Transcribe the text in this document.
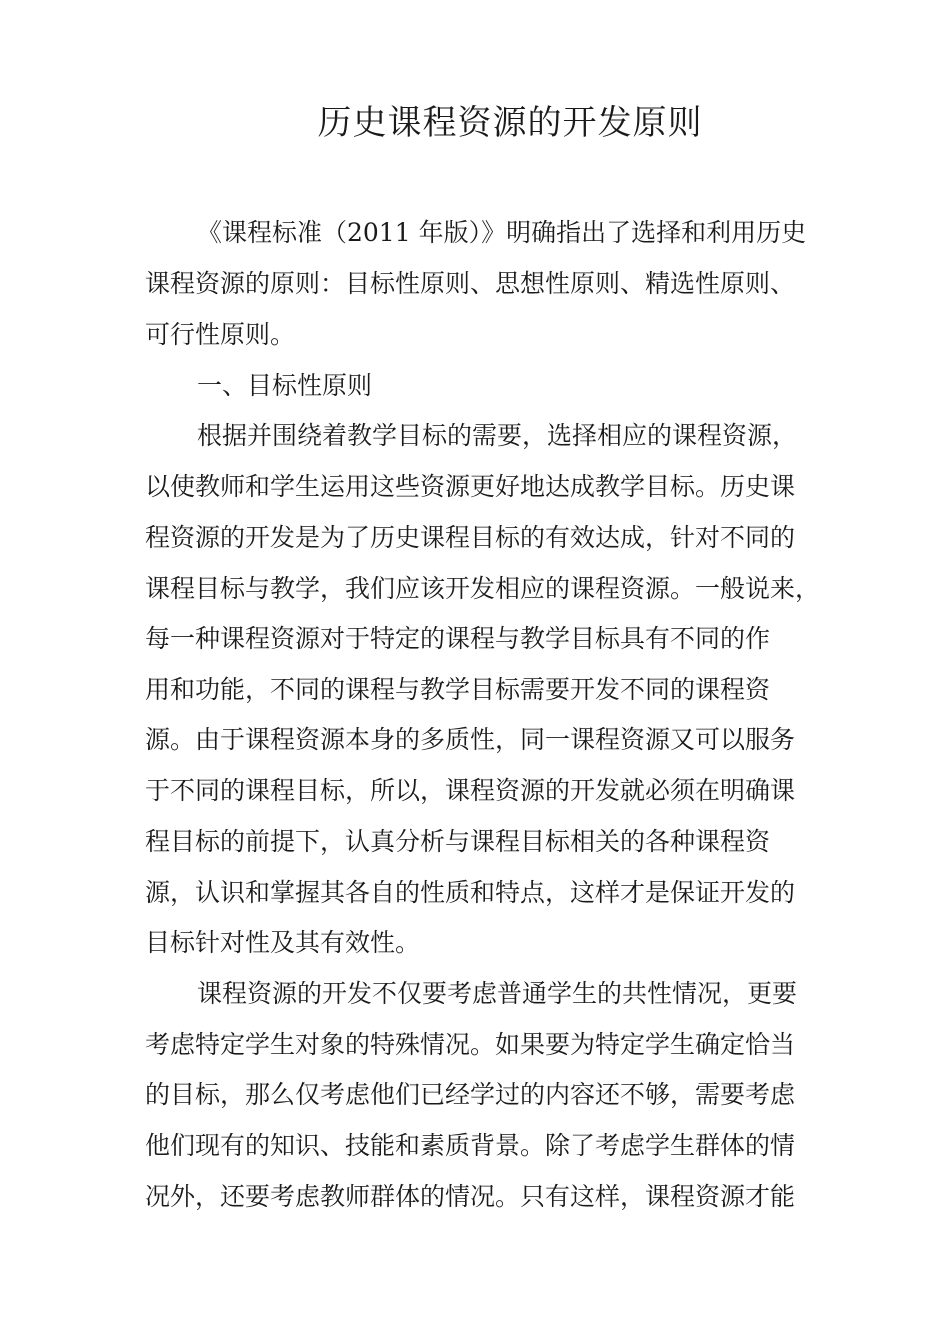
历史课程资源的开发原则

《课程标准（2011 年版）》明确指出了选择和利用历史

课程资源的原则：目标性原则、思想性原则、精选性原则、

可行性原则。

一、目标性原则

根据并围绕着教学目标的需要，选择相应的课程资源，

以使教师和学生运用这些资源更好地达成教学目标。历史课

程资源的开发是为了历史课程目标的有效达成，针对不同的

课程目标与教学，我们应该开发相应的课程资源。一般说来，

每一种课程资源对于特定的课程与教学目标具有不同的作

用和功能，不同的课程与教学目标需要开发不同的课程资

源。由于课程资源本身的多质性，同一课程资源又可以服务

于不同的课程目标，所以，课程资源的开发就必须在明确课

程目标的前提下，认真分析与课程目标相关的各种课程资

源，认识和掌握其各自的性质和特点，这样才是保证开发的

目标针对性及其有效性。

课程资源的开发不仅要考虑普通学生的共性情况，更要

考虑特定学生对象的特殊情况。如果要为特定学生确定恰当

的目标，那么仅考虑他们已经学过的内容还不够，需要考虑

他们现有的知识、技能和素质背景。除了考虑学生群体的情

况外，还要考虑教师群体的情况。只有这样，课程资源才能
